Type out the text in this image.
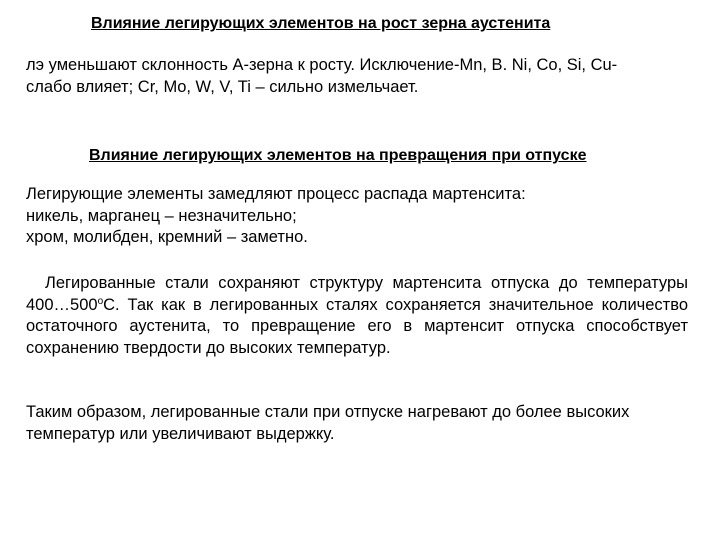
Влияние легирующих элементов на рост зерна аустенита
лэ уменьшают склонность А-зерна к росту. Исключение-Mn, B. Ni, Co, Si, Cu-
слабо влияет; Cr, Mo, W, V, Ti – сильно измельчает.
Влияние легирующих элементов на превращения при отпуске
Легирующие элементы замедляют процесс распада мартенсита:
никель, марганец – незначительно;
хром, молибден, кремний – заметно.
Легированные стали сохраняют структуру мартенсита отпуска до температуры 400…500$^o$С. Так как в легированных сталях сохраняется значительное количество остаточного аустенита, то превращение его в мартенсит отпуска способствует сохранению твердости до высоких температур.
Таким образом, легированные стали при отпуске нагревают до более высоких
температур или увеличивают выдержку.
